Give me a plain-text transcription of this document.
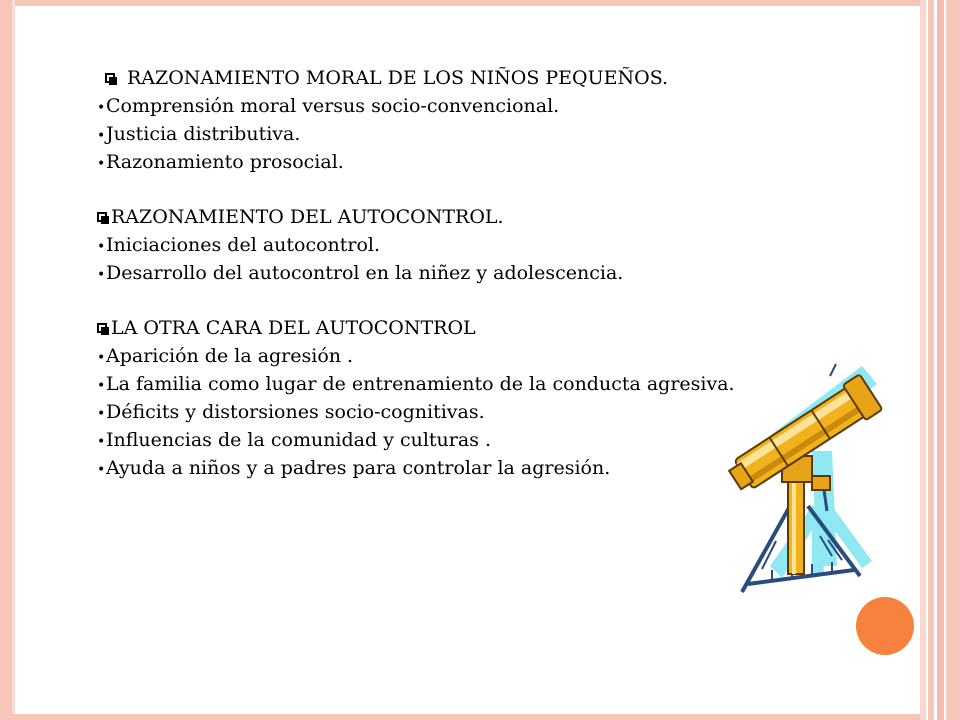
RAZONAMIENTO MORAL DE LOS NIÑOS PEQUEÑOS.
•Comprensión moral versus socio-convencional.
•Justicia distributiva.
•Razonamiento prosocial.
RAZONAMIENTO DEL AUTOCONTROL.
•Iniciaciones del autocontrol.
•Desarrollo del autocontrol en la niñez y adolescencia.
LA OTRA CARA DEL AUTOCONTROL
•Aparición de la agresión .
•La familia como lugar de entrenamiento de la conducta agresiva.
•Déficits y distorsiones socio-cognitivas.
•Influencias de la comunidad y culturas .
•Ayuda a niños y a padres para controlar la agresión.
